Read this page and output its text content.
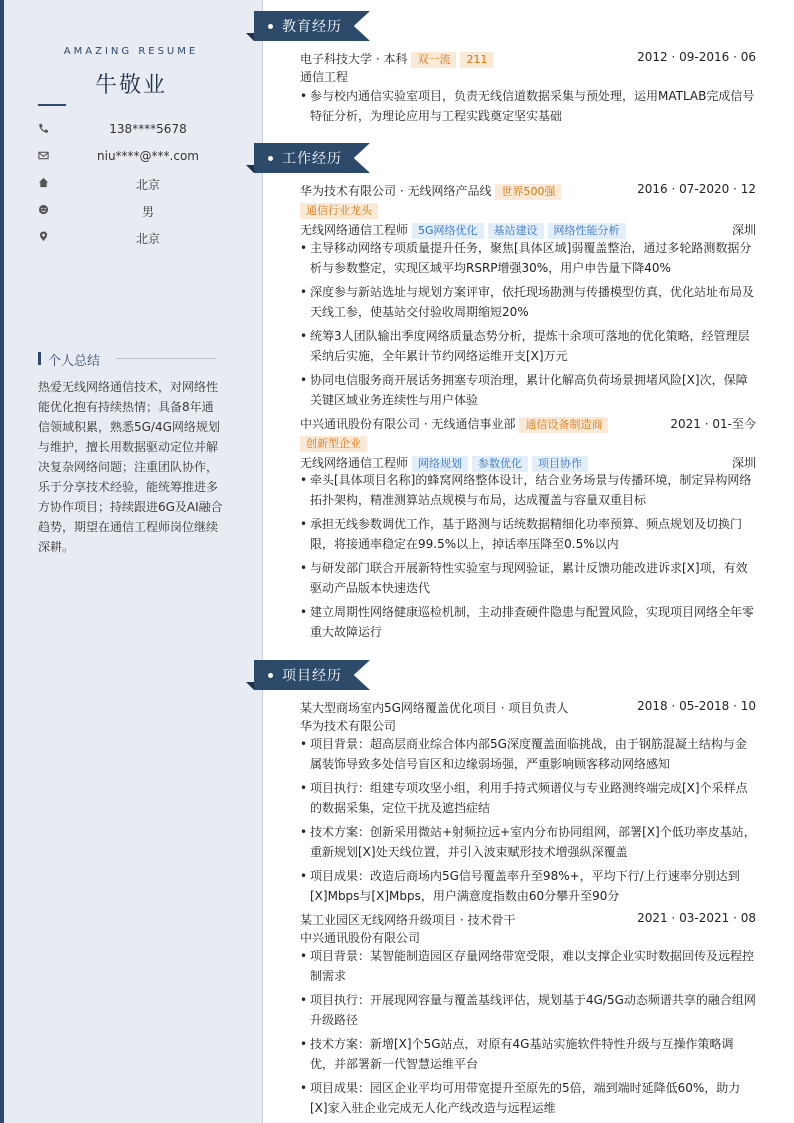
AMAZING RESUME
牛敬业
138****5678
niu****@***.com
北京
男
北京
个人总结
热爱无线网络通信技术，对网络性能优化抱有持续热情；具备8年通信领域积累，熟悉5G/4G网络规划与维护，擅长用数据驱动定位并解决复杂网络问题；注重团队协作，乐于分享技术经验，能统筹推进多方协作项目；持续跟进6G及AI融合趋势，期望在通信工程师岗位继续深耕。
教育经历
电子科技大学 · 本科 双一流 211	2012 · 09-2016 · 06
通信工程
• 参与校内通信实验室项目，负责无线信道数据采集与预处理，运用MATLAB完成信号特征分析，为理论应用与工程实践奠定坚实基础
工作经历
华为技术有限公司 · 无线网络产品线 世界500强	2016 · 07-2020 · 12
通信行业龙头
无线网络通信工程师 5G网络优化 基站建设 网络性能分析	深圳
• 主导移动网络专项质量提升任务，聚焦[具体区域]弱覆盖整治，通过多轮路测数据分析与参数整定，实现区域平均RSRP增强30%，用户申告量下降40%
• 深度参与新站选址与规划方案评审，依托现场勘测与传播模型仿真，优化站址布局及天线工参，使基站交付验收周期缩短20%
• 统筹3人团队输出季度网络质量态势分析，提炼十余项可落地的优化策略，经管理层采纳后实施，全年累计节约网络运维开支[X]万元
• 协同电信服务商开展话务拥塞专项治理，累计化解高负荷场景拥堵风险[X]次，保障关键区域业务连续性与用户体验
中兴通讯股份有限公司 · 无线通信事业部 通信设备制造商	2021 · 01-至今
创新型企业
无线网络通信工程师 网络规划 参数优化 项目协作	深圳
• 牵头[具体项目名称]的蜂窝网络整体设计，结合业务场景与传播环境，制定异构网络拓扑架构，精准测算站点规模与布局，达成覆盖与容量双重目标
• 承担无线参数调优工作，基于路测与话统数据精细化功率预算、频点规划及切换门限，将接通率稳定在99.5%以上，掉话率压降至0.5%以内
• 与研发部门联合开展新特性实验室与现网验证，累计反馈功能改进诉求[X]项，有效驱动产品版本快速迭代
• 建立周期性网络健康巡检机制，主动排查硬件隐患与配置风险，实现项目网络全年零重大故障运行
项目经历
某大型商场室内5G网络覆盖优化项目 · 项目负责人	2018 · 05-2018 · 10
华为技术有限公司
• 项目背景：超高层商业综合体内部5G深度覆盖面临挑战，由于钢筋混凝土结构与金属装饰导致多处信号盲区和边缘弱场强，严重影响顾客移动网络感知
• 项目执行：组建专项攻坚小组，利用手持式频谱仪与专业路测终端完成[X]个采样点的数据采集，定位干扰及遮挡症结
• 技术方案：创新采用微站+射频拉远+室内分布协同组网，部署[X]个低功率皮基站，重新规划[X]处天线位置，并引入波束赋形技术增强纵深覆盖
• 项目成果：改造后商场内5G信号覆盖率升至98%+，平均下行/上行速率分别达到[X]Mbps与[X]Mbps，用户满意度指数由60分攀升至90分
某工业园区无线网络升级项目 · 技术骨干	2021 · 03-2021 · 08
中兴通讯股份有限公司
• 项目背景：某智能制造园区存量网络带宽受限，难以支撑企业实时数据回传及远程控制需求
• 项目执行：开展现网容量与覆盖基线评估，规划基于4G/5G动态频谱共享的融合组网升级路径
• 技术方案：新增[X]个5G站点，对原有4G基站实施软件特性升级与互操作策略调优，并部署新一代智慧运维平台
• 项目成果：园区企业平均可用带宽提升至原先的5倍，端到端时延降低60%，助力[X]家入驻企业完成无人化产线改造与远程运维
